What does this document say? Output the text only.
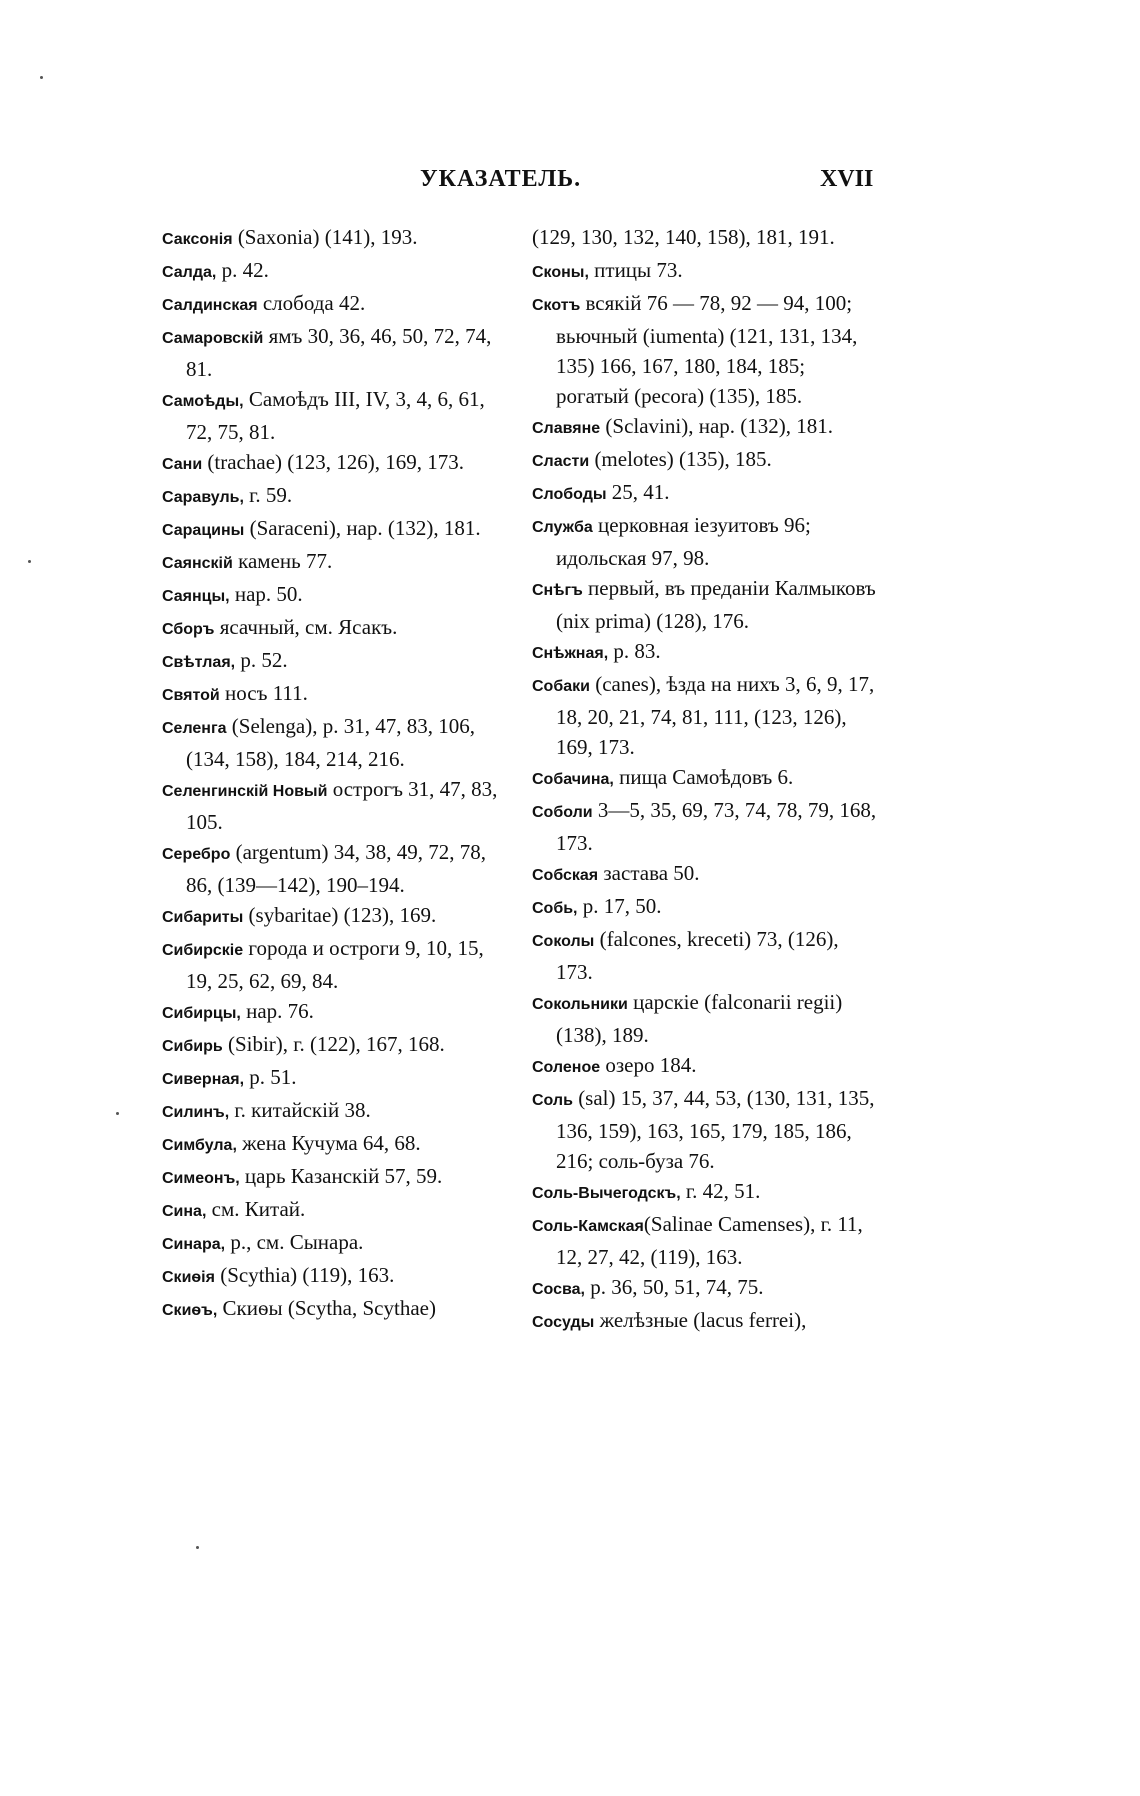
УКАЗАТЕЛЬ.	XVII

Саксонія (Saxonia) (141), 193.

Салда, р. 42.

Салдинская слобода 42.

Самаровскій ямъ 30, 36, 46, 50, 72, 74, 81.

Самоѣды, Самоѣдъ III, IV, 3, 4, 6, 61, 72, 75, 81.

Сани (trachae) (123, 126), 169, 173.

Саравуль, г. 59.

Сарацины (Saraceni), нар. (132), 181.

Саянскій камень 77.

Саянцы, нар. 50.

Сборъ ясачный, см. Ясакъ.

Свѣтлая, р. 52.

Святой носъ 111.

Селенга (Selenga), р. 31, 47, 83, 106, (134, 158), 184, 214, 216.

Селенгинскій Новый острогъ 31, 47, 83, 105.

Серебро (argentum) 34, 38, 49, 72, 78, 86, (139—142), 190–194.

Сибариты (sybaritae) (123), 169.

Сибирскіе города и остроги 9, 10, 15, 19, 25, 62, 69, 84.

Сибирцы, нар. 76.

Сибирь (Sibir), г. (122), 167, 168.

Сиверная, р. 51.

Силинъ, г. китайскій 38.

Симбула, жена Кучума 64, 68.

Симеонъ, царь Казанскій 57, 59.

Сина, см. Китай.

Синара, р., см. Сынара.

Скиѳія (Scythia) (119), 163.

Скиѳъ, Скиѳы (Scytha, Scythae)

(129, 130, 132, 140, 158), 181, 191.

Сконы, птицы 73.

Скотъ всякій 76 — 78, 92 — 94, 100; вьючный (iumenta) (121, 131, 134, 135) 166, 167, 180, 184, 185; рогатый (pecora) (135), 185.

Славяне (Sclavini), нар. (132), 181.

Сласти (melotes) (135), 185.

Слободы 25, 41.

Служба церковная іезуитовъ 96; идольская 97, 98.

Снѣгъ первый, въ преданіи Калмыковъ (nix prima) (128), 176.

Снѣжная, р. 83.

Собаки (canes), ѣзда на нихъ 3, 6, 9, 17, 18, 20, 21, 74, 81, 111, (123, 126), 169, 173.

Собачина, пища Самоѣдовъ 6.

Соболи 3—5, 35, 69, 73, 74, 78, 79, 168, 173.

Собская застава 50.

Собь, р. 17, 50.

Соколы (falcones, kreceti) 73, (126), 173.

Сокольники царскіе (falconarii regii) (138), 189.

Соленое озеро 184.

Соль (sal) 15, 37, 44, 53, (130, 131, 135, 136, 159), 163, 165, 179, 185, 186, 216; соль-буза 76.

Соль-Вычегодскъ, г. 42, 51.

Соль-Камская(Salinae Camenses), г. 11, 12, 27, 42, (119), 163.

Сосва, р. 36, 50, 51, 74, 75.

Сосуды желѣзные (lacus ferrei),
